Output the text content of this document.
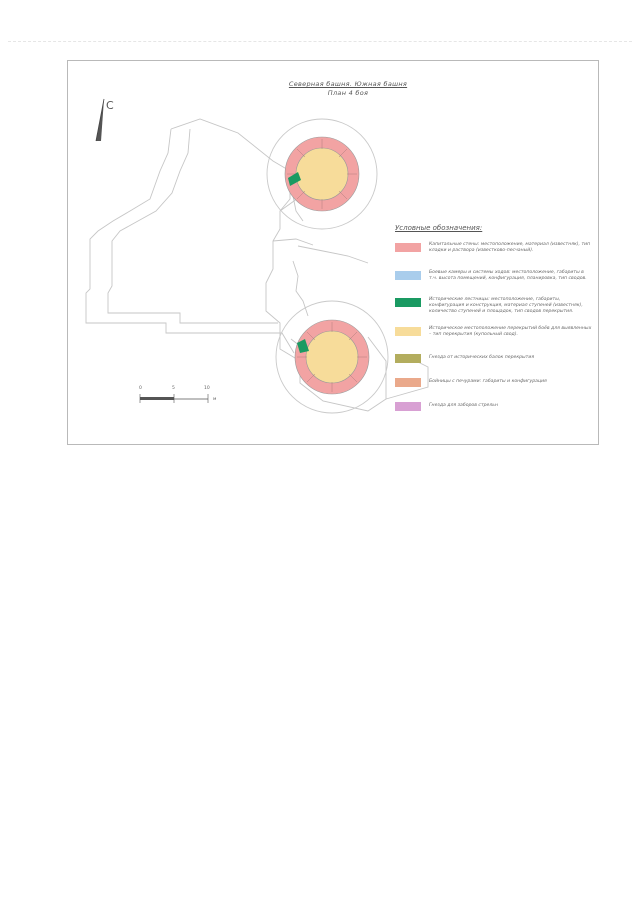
Северная башня. Южная башня
План 4 боя
С
0	5	10
м
Условные обозначения:
Капитальные стены: местоположение, материал (известняк), тип кладки и раствора (известково-песчаный).
Боевые камеры и системы ходов: местоположение, габариты в т.ч. высота помещений, конфигурация, планировка, тип сводов.
Исторические лестницы: местоположение, габариты, конфигурация и конструкция, материал ступеней (известняк), количество ступеней и площадок, тип сводов перекрытия.
Историческое местоположение перекрытий боёв для выявленных – тип перекрытия (купольный свод).
Гнезда от исторических балок перекрытия
Бойницы с печурами: габариты и конфигурация
Гнезда для заборов стрельн
